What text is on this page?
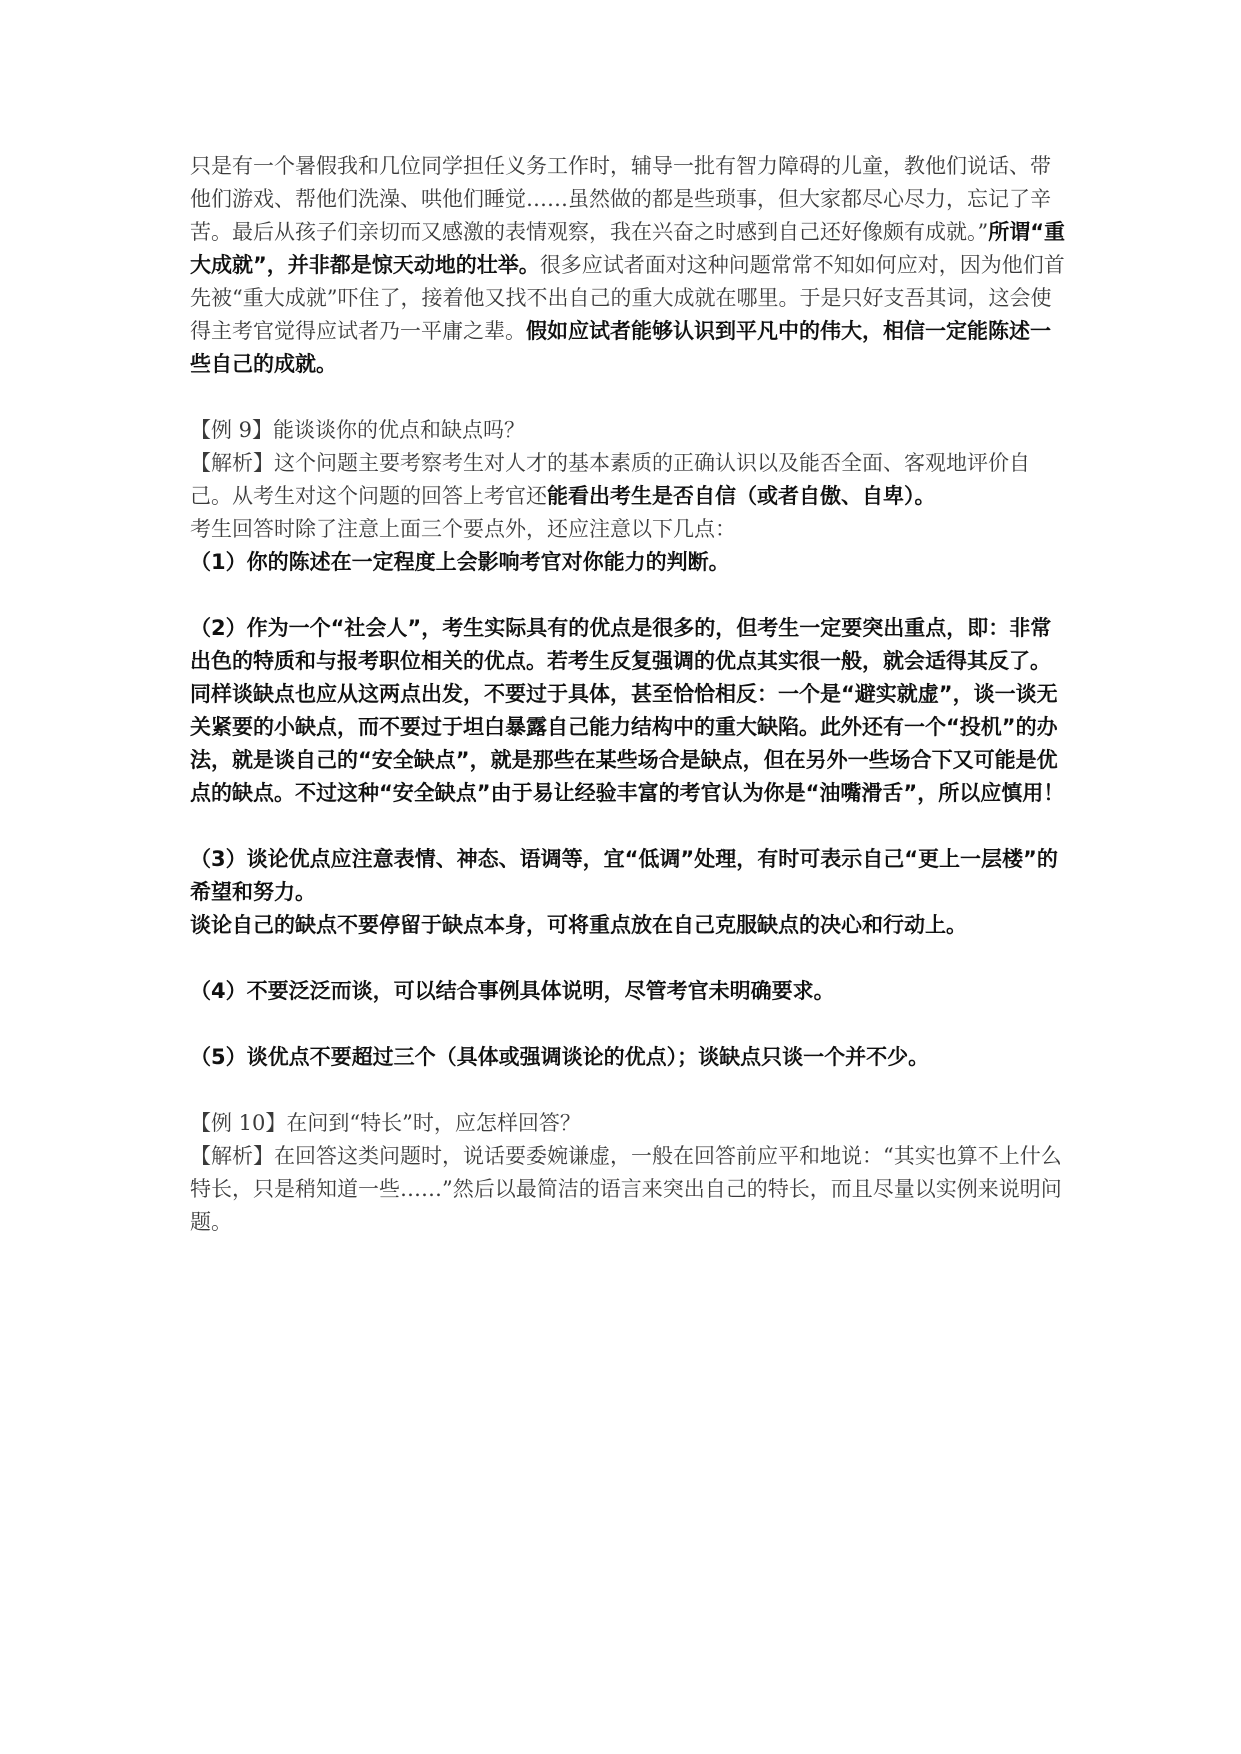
只是有一个暑假我和几位同学担任义务工作时，辅导一批有智力障碍的儿童，教他们说话、带他们游戏、帮他们洗澡、哄他们睡觉……虽然做的都是些琐事，但大家都尽心尽力，忘记了辛苦。最后从孩子们亲切而又感激的表情观察，我在兴奋之时感到自己还好像颇有成就。”所谓“重大成就”，并非都是惊天动地的壮举。很多应试者面对这种问题常常不知如何应对，因为他们首先被“重大成就”吓住了，接着他又找不出自己的重大成就在哪里。于是只好支吾其词，这会使得主考官觉得应试者乃一平庸之辈。假如应试者能够认识到平凡中的伟大，相信一定能陈述一些自己的成就。

【例 9】能谈谈你的优点和缺点吗？

【解析】这个问题主要考察考生对人才的基本素质的正确认识以及能否全面、客观地评价自己。从考生对这个问题的回答上考官还能看出考生是否自信（或者自傲、自卑）。

考生回答时除了注意上面三个要点外，还应注意以下几点：

（1）你的陈述在一定程度上会影响考官对你能力的判断。

（2）作为一个“社会人”，考生实际具有的优点是很多的，但考生一定要突出重点，即：非常出色的特质和与报考职位相关的优点。若考生反复强调的优点其实很一般，就会适得其反了。

同样谈缺点也应从这两点出发，不要过于具体，甚至恰恰相反：一个是“避实就虚”，谈一谈无关紧要的小缺点，而不要过于坦白暴露自己能力结构中的重大缺陷。此外还有一个“投机”的办法，就是谈自己的“安全缺点”，就是那些在某些场合是缺点，但在另外一些场合下又可能是优点的缺点。不过这种“安全缺点”由于易让经验丰富的考官认为你是“油嘴滑舌”，所以应慎用！

（3）谈论优点应注意表情、神态、语调等，宜“低调”处理，有时可表示自己“更上一层楼”的希望和努力。

谈论自己的缺点不要停留于缺点本身，可将重点放在自己克服缺点的决心和行动上。

（4）不要泛泛而谈，可以结合事例具体说明，尽管考官未明确要求。

（5）谈优点不要超过三个（具体或强调谈论的优点）；谈缺点只谈一个并不少。

【例 10】在问到“特长”时，应怎样回答？

【解析】在回答这类问题时，说话要委婉谦虚，一般在回答前应平和地说：“其实也算不上什么特长，只是稍知道一些……”然后以最简洁的语言来突出自己的特长，而且尽量以实例来说明问题。
